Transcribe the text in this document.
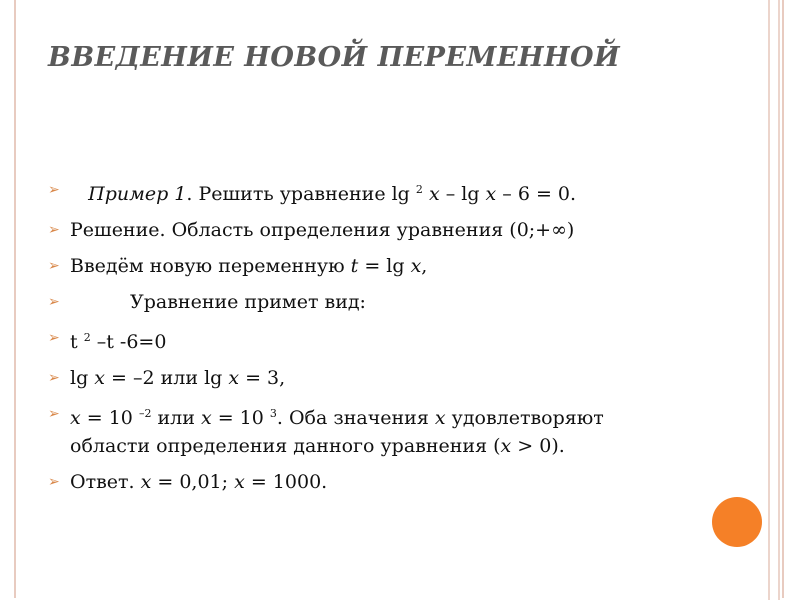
ВВЕДЕНИЕ НОВОЙ ПЕРЕМЕННОЙ
➢ Пример 1. Решить уравнение lg $^2$ x – lg x – 6 = 0.
➢ Решение. Область определения уравнения (0;+∞)
➢ Введём новую переменную t = lg x,
➢	Уравнение примет вид:
➢ t $^2$ –t -6=0
➢ lg x = –2 или lg x = 3,
➢ x = 10 $^{-2}$ или x = 10 $^3$. Оба значения x удовлетворяют
области определения данного уравнения (x > 0).
➢ Ответ. x = 0,01; x = 1000.
